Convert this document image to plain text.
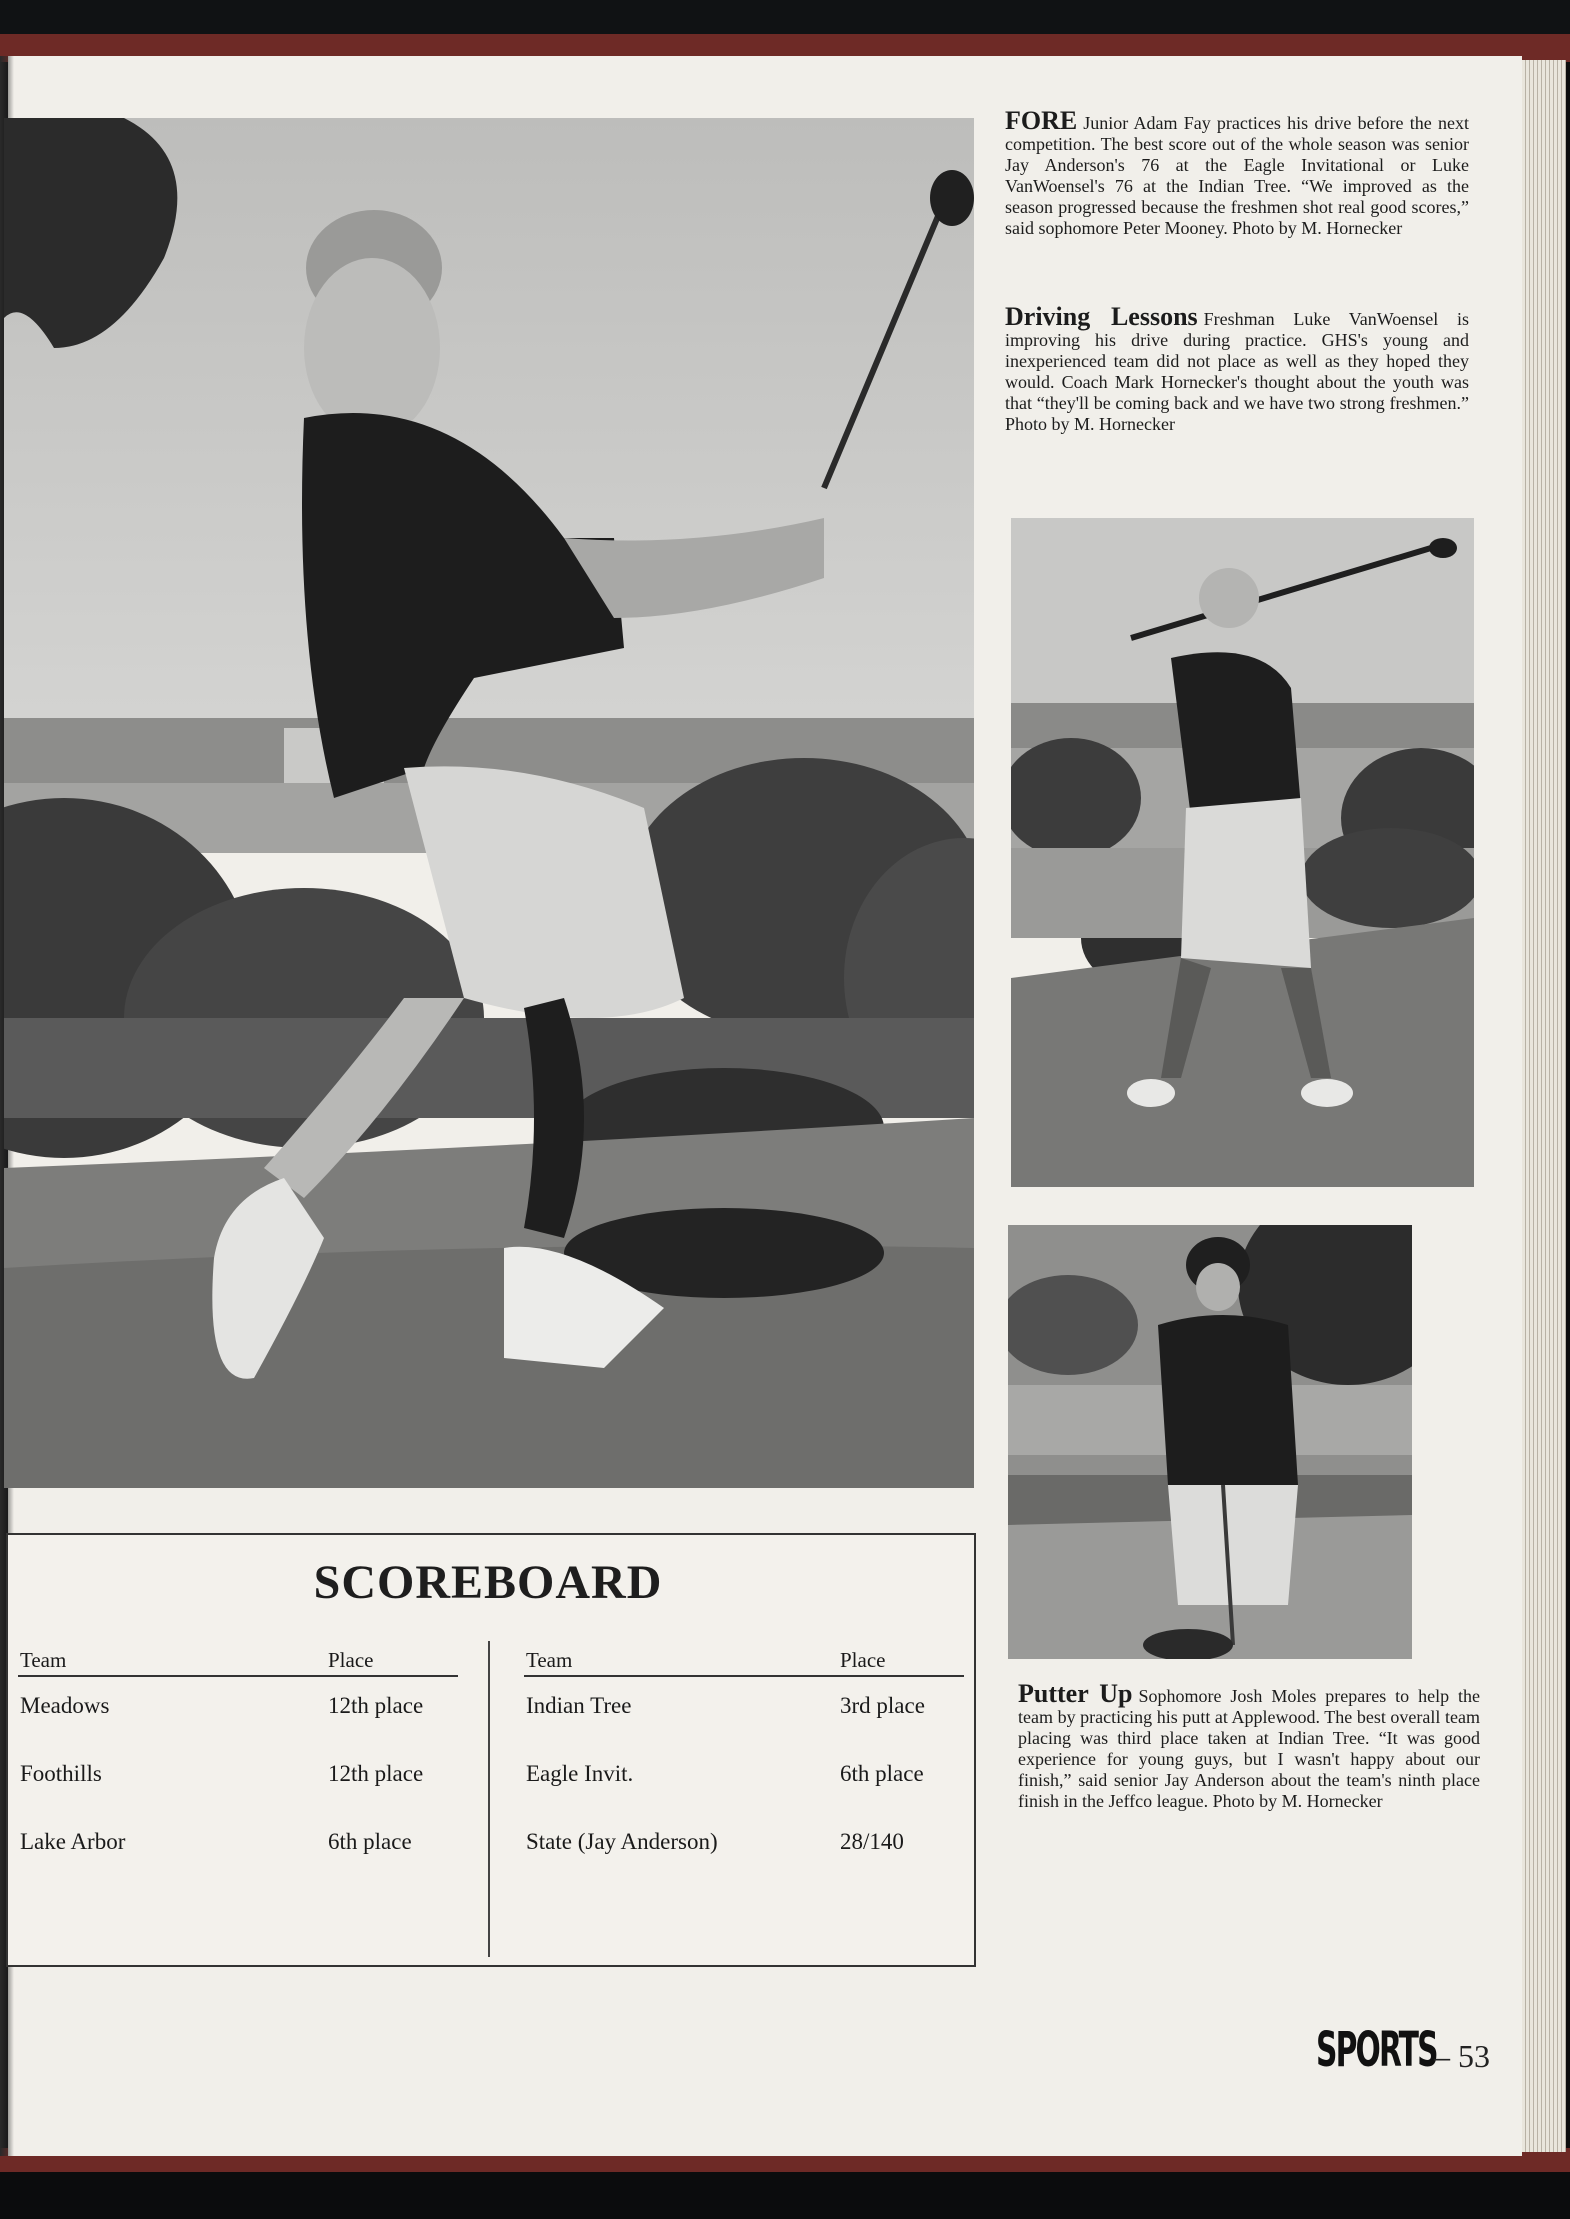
FORE Junior Adam Fay practices his drive before the next competition. The best score out of the whole season was senior Jay Anderson's 76 at the Eagle Invitational or Luke VanWoensel's 76 at the Indian Tree. “We improved as the season progressed because the freshmen shot real good scores,” said sophomore Peter Mooney. Photo by M. Hornecker
Driving Lessons Freshman Luke VanWoensel is improving his drive during practice. GHS's young and inexperienced team did not place as well as they hoped they would. Coach Mark Hornecker's thought about the youth was that “they'll be coming back and we have two strong freshmen.” Photo by M. Hornecker
Putter Up Sophomore Josh Moles prepares to help the team by practicing his putt at Applewood. The best overall team placing was third place taken at Indian Tree. “It was good experience for young guys, but I wasn't happy about our finish,” said senior Jay Anderson about the team's ninth place finish in the Jeffco league. Photo by M. Hornecker
SCOREBOARD
Team	Place
Meadows	12th place
Foothills	12th place
Lake Arbor	6th place
Team	Place
Indian Tree	3rd place
Eagle Invit.	6th place
State (Jay Anderson)	28/140
SPORTS
– 53
